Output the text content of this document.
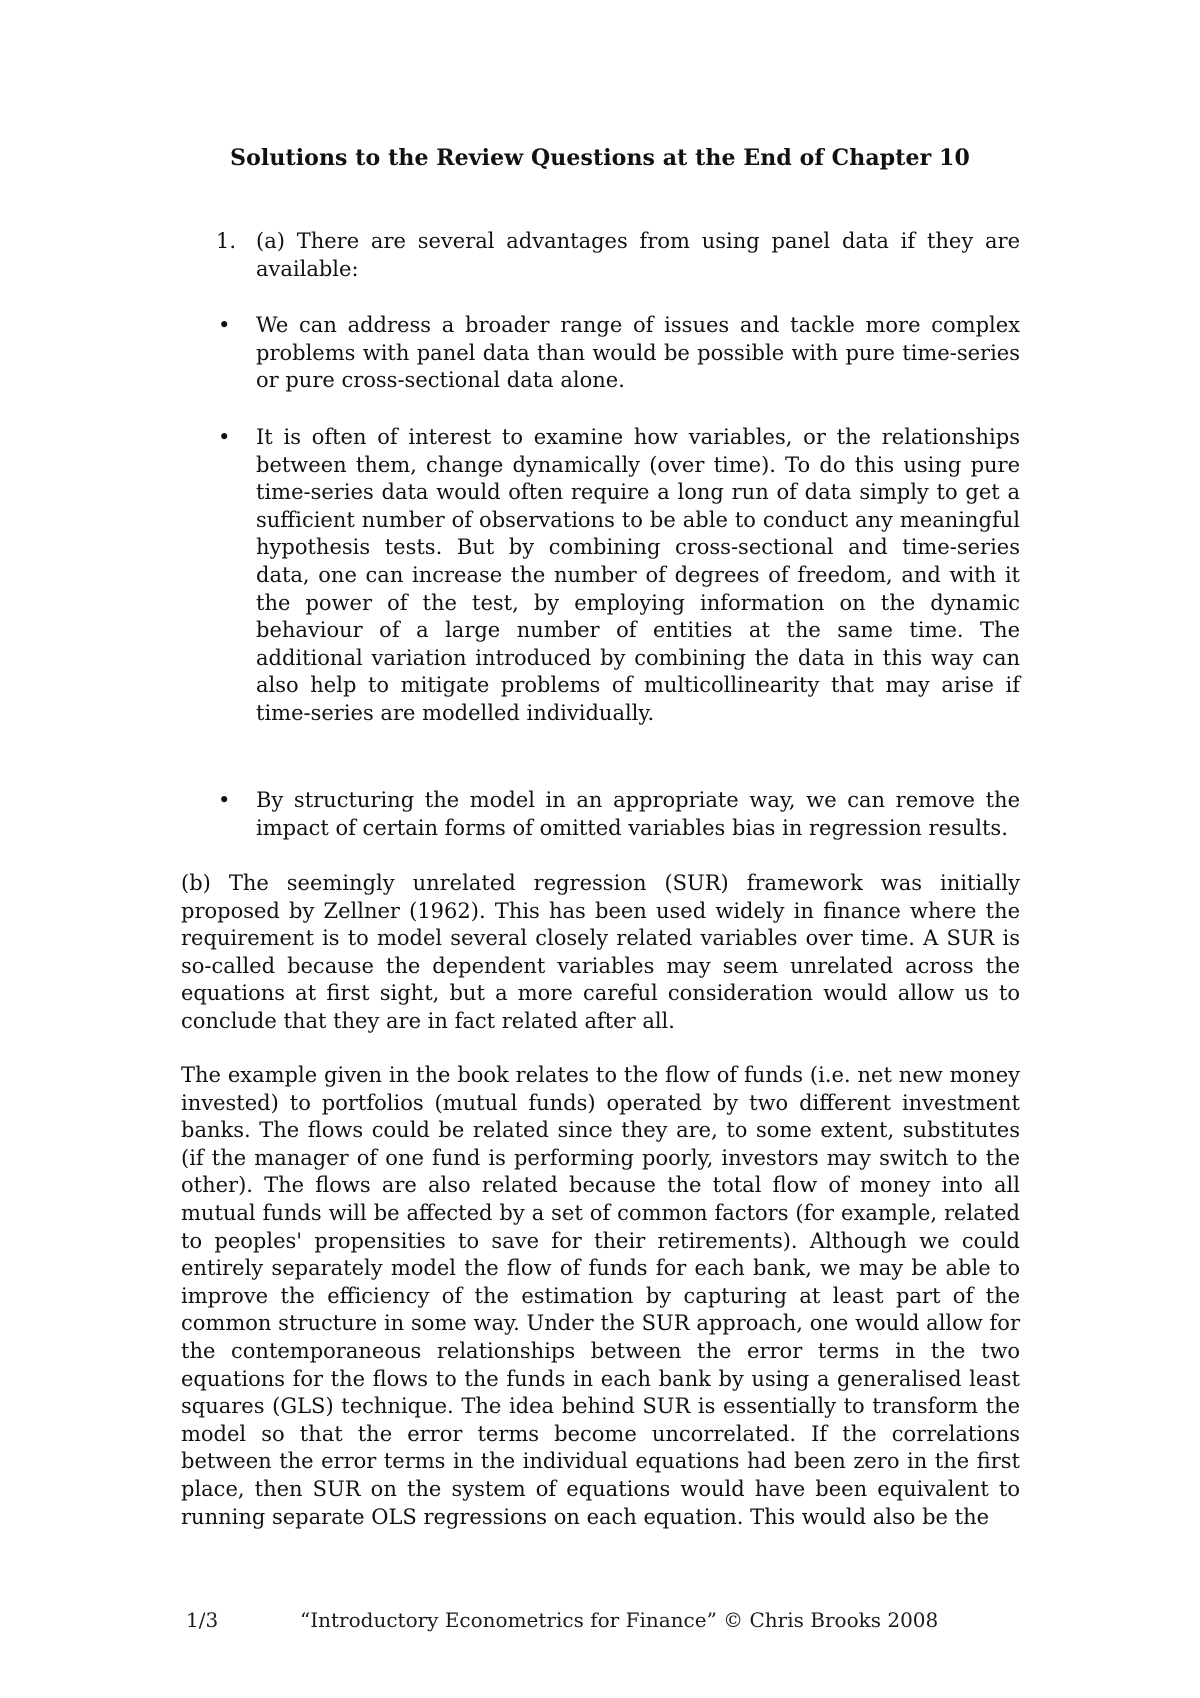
Solutions to the Review Questions at the End of Chapter 10
1. (a) There are several advantages from using panel data if they are available:

• We can address a broader range of issues and tackle more complex problems with panel data than would be possible with pure time-series or pure cross-sectional data alone.

• It is often of interest to examine how variables, or the relationships between them, change dynamically (over time). To do this using pure time-series data would often require a long run of data simply to get a sufficient number of observations to be able to conduct any meaningful hypothesis tests. But by combining cross-sectional and time-series data, one can increase the number of degrees of freedom, and with it the power of the test, by employing information on the dynamic behaviour of a large number of entities at the same time. The additional variation introduced by combining the data in this way can also help to mitigate problems of multicollinearity that may arise if time-series are modelled individually.

• By structuring the model in an appropriate way, we can remove the impact of certain forms of omitted variables bias in regression results.

(b) The seemingly unrelated regression (SUR) framework was initially proposed by Zellner (1962). This has been used widely in finance where the requirement is to model several closely related variables over time. A SUR is so-called because the dependent variables may seem unrelated across the equations at first sight, but a more careful consideration would allow us to conclude that they are in fact related after all.

The example given in the book relates to the flow of funds (i.e. net new money invested) to portfolios (mutual funds) operated by two different investment banks. The flows could be related since they are, to some extent, substitutes (if the manager of one fund is performing poorly, investors may switch to the other). The flows are also related because the total flow of money into all mutual funds will be affected by a set of common factors (for example, related to peoples' propensities to save for their retirements). Although we could entirely separately model the flow of funds for each bank, we may be able to improve the efficiency of the estimation by capturing at least part of the common structure in some way. Under the SUR approach, one would allow for the contemporaneous relationships between the error terms in the two equations for the flows to the funds in each bank by using a generalised least squares (GLS) technique. The idea behind SUR is essentially to transform the model so that the error terms become uncorrelated. If the correlations between the error terms in the individual equations had been zero in the first place, then SUR on the system of equations would have been equivalent to running separate OLS regressions on each equation. This would also be the

1/3	“Introductory Econometrics for Finance” © Chris Brooks 2008
